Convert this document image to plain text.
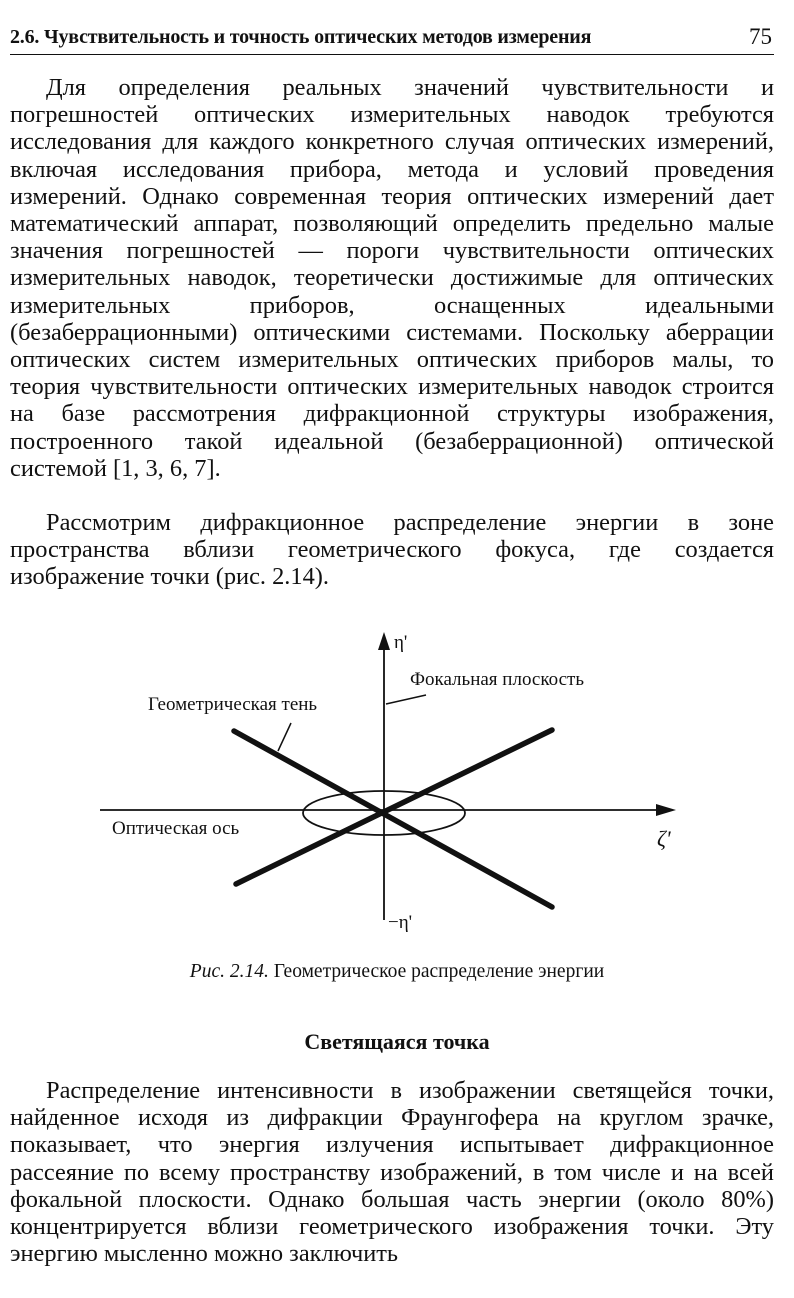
2.6. Чувствительность и точность оптических методов измерения	75

Для определения реальных значений чувствительности и погрешностей оптических измерительных наводок требуются исследования для каждого конкретного случая оптических измерений, включая исследования прибора, метода и условий проведения измерений. Однако современная теория оптических измерений дает математический аппарат, позволяющий определить предельно малые значения погрешностей — пороги чувствительности оптических измерительных наводок, теоретически достижимые для оптических измерительных приборов, оснащенных идеальными (безаберрационными) оптическими системами. Поскольку аберрации оптических систем измерительных оптических приборов малы, то теория чувствительности оптических измерительных наводок строится на базе рассмотрения дифракционной структуры изображения, построенного такой идеальной (безаберрационной) оптической системой [1, 3, 6, 7].

Рассмотрим дифракционное распределение энергии в зоне пространства вблизи геометрического фокуса, где создается изображение точки (рис. 2.14).

η'
Фокальная плоскость
Геометрическая тень
Оптическая ось	ζ'
−η'
Рис. 2.14. Геометрическое распределение энергии
Светящаяся точка

Распределение интенсивности в изображении светящейся точки, найденное исходя из дифракции Фраунгофера на круглом зрачке, показывает, что энергия излучения испытывает дифракционное рассеяние по всему пространству изображений, в том числе и на всей фокальной плоскости. Однако большая часть энергии (около 80%) концентрируется вблизи геометрического изображения точки. Эту энергию мысленно можно заключить
